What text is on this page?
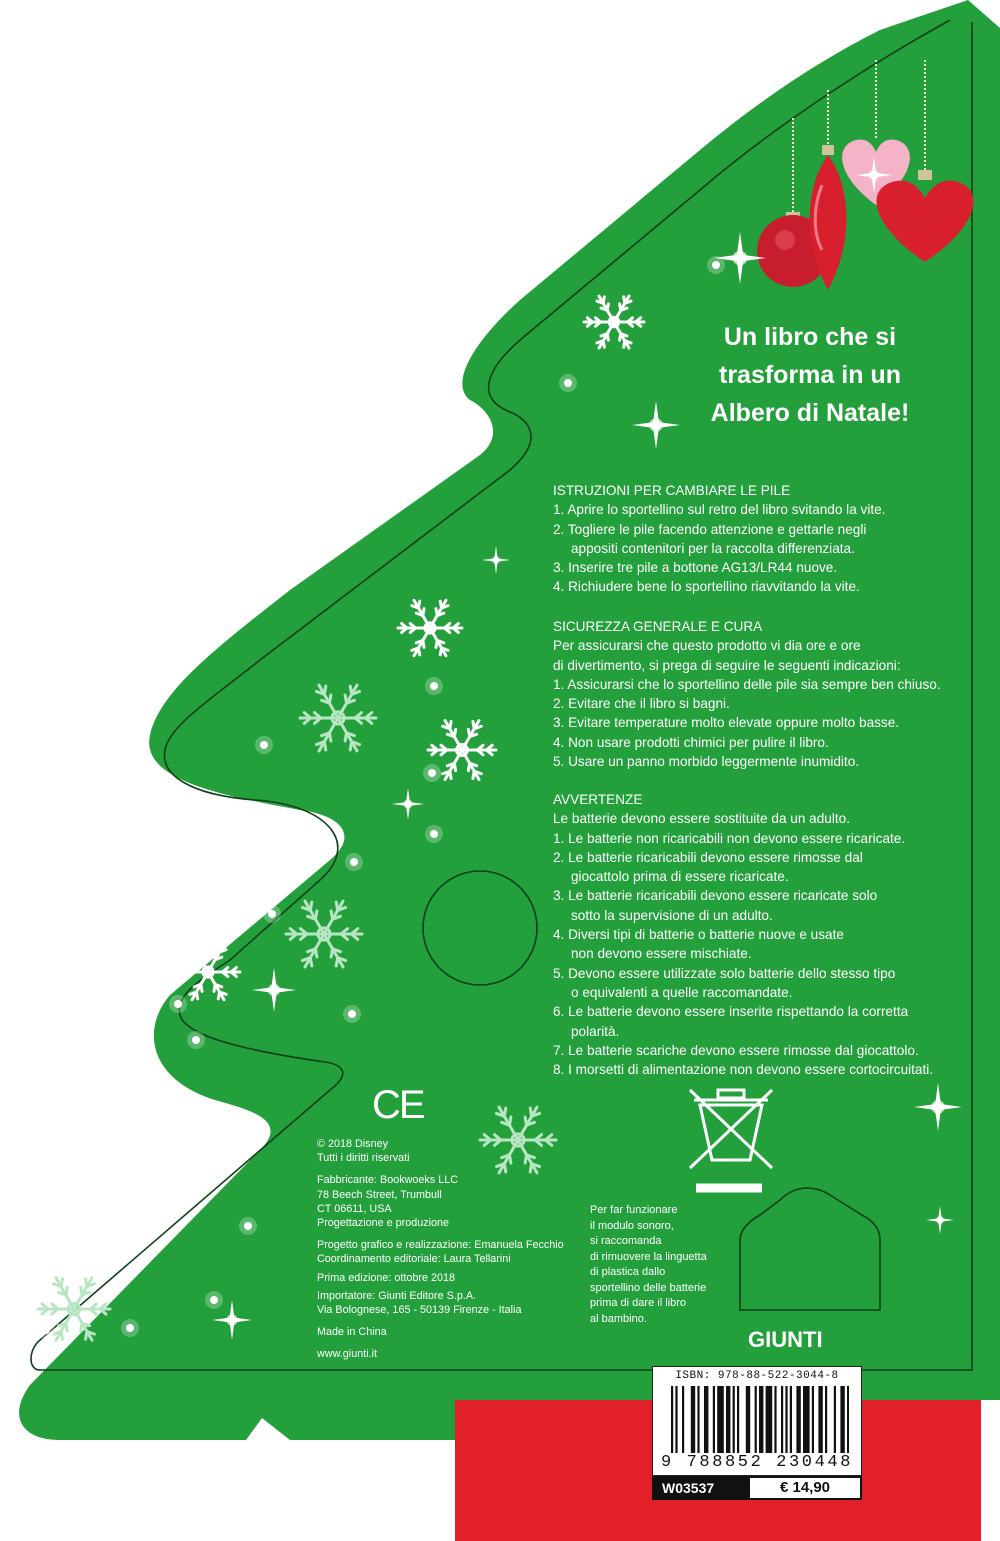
Un libro che si
trasforma in un
Albero di Natale!
ISTRUZIONI PER CAMBIARE LE PILE
1. Aprire lo sportellino sul retro del libro svitando la vite.
2. Togliere le pile facendo attenzione e gettarle negli
appositi contenitori per la raccolta differenziata.
3. Inserire tre pile a bottone AG13/LR44 nuove.
4. Richiudere bene lo sportellino riavvitando la vite.
SICUREZZA GENERALE E CURA
Per assicurarsi che questo prodotto vi dia ore e ore
di divertimento, si prega di seguire le seguenti indicazioni:
1. Assicurarsi che lo sportellino delle pile sia sempre ben chiuso.
2. Evitare che il libro si bagni.
3. Evitare temperature molto elevate oppure molto basse.
4. Non usare prodotti chimici per pulire il libro.
5. Usare un panno morbido leggermente inumidito.
AVVERTENZE
Le batterie devono essere sostituite da un adulto.
1. Le batterie non ricaricabili non devono essere ricaricate.
2. Le batterie ricaricabili devono essere rimosse dal
giocattolo prima di essere ricaricate.
3. Le batterie ricaricabili devono essere ricaricate solo
sotto la supervisione di un adulto.
4. Diversi tipi di batterie o batterie nuove e usate
non devono essere mischiate.
5. Devono essere utilizzate solo batterie dello stesso tipo
o equivalenti a quelle raccomandate.
6. Le batterie devono essere inserite rispettando la corretta
polarità.
7. Le batterie scariche devono essere rimosse dal giocattolo.
8. I morsetti di alimentazione non devono essere cortocircuitati.
CE
© 2018 Disney
Tutti i diritti riservati
Fabbricante: Bookwoeks LLC
78 Beech Street, Trumbull
CT 06611, USA
Progettazione e produzione
Progetto grafico e realizzazione: Emanuela Fecchio
Coordinamento editoriale: Laura Tellarini
Prima edizione: ottobre 2018
Importatore: Giunti Editore S.p.A.
Via Bolognese, 165 - 50139 Firenze - Italia
Made in China
www.giunti.it
Per far funzionare
il modulo sonoro,
si raccomanda
di rimuovere la linguetta
di plastica dallo
sportellino delle batterie
prima di dare il libro
al bambino.
GIUNTI
ISBN: 978-88-522-3044-8
9 788852 230448
W03537	€ 14,90
